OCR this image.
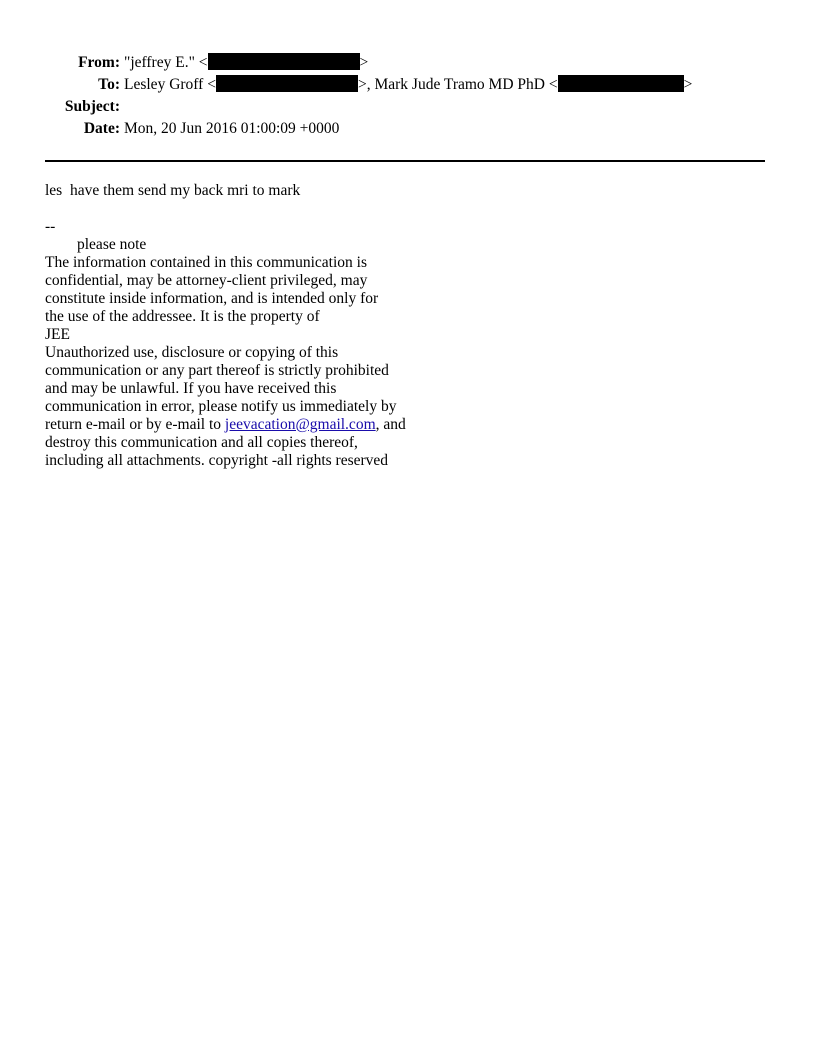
From: "jeffrey E." <	>
To: Lesley Groff <	>, Mark Jude Tramo MD PhD <	>
Subject:
Date: Mon, 20 Jun 2016 01:00:09 +0000
les  have them send my back mri to mark
--
please note
The information contained in this communication is
confidential, may be attorney-client privileged, may
constitute inside information, and is intended only for
the use of the addressee. It is the property of
JEE
Unauthorized use, disclosure or copying of this
communication or any part thereof is strictly prohibited
and may be unlawful. If you have received this
communication in error, please notify us immediately by
return e-mail or by e-mail to jeevacation@gmail.com, and
destroy this communication and all copies thereof,
including all attachments. copyright -all rights reserved
